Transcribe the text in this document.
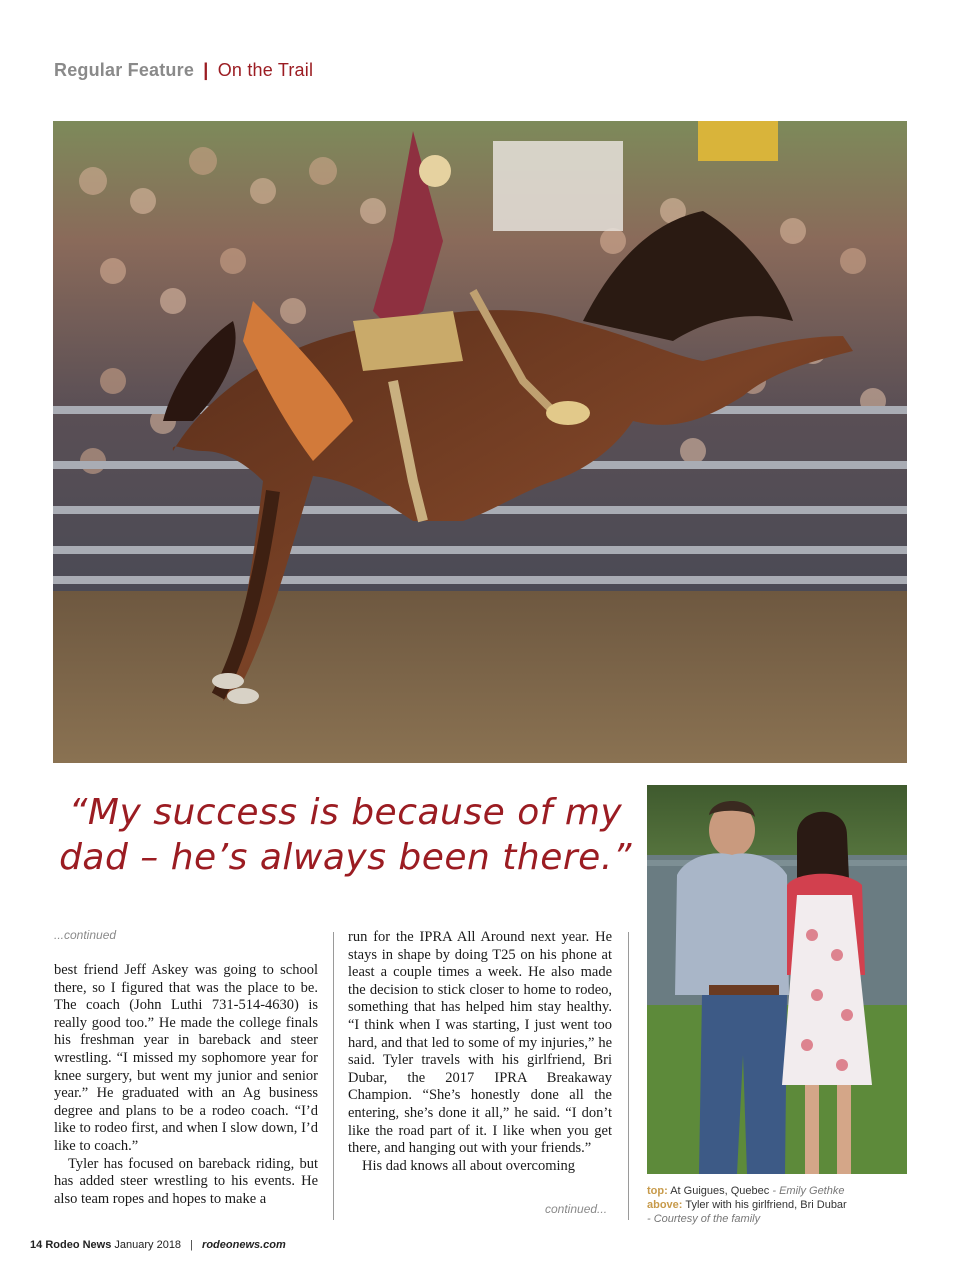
Regular Feature | On the Trail
“My success is because of my
dad – he’s always been there.”
...continued

best friend Jeff Askey was going to school there, so I figured that was the place to be. The coach (John Luthi 731-514-4630) is really good too.” He made the college finals his freshman year in bareback and steer wrestling. “I missed my sophomore year for knee surgery, but went my junior and senior year.” He graduated with an Ag business degree and plans to be a rodeo coach. “I’d like to rodeo first, and when I slow down, I’d like to coach.”

Tyler has focused on bareback riding, but has added steer wrestling to his events. He also team ropes and hopes to make a

run for the IPRA All Around next year. He stays in shape by doing T25 on his phone at least a couple times a week. He also made the decision to stick closer to home to rodeo, something that has helped him stay healthy. “I think when I was starting, I just went too hard, and that led to some of my injuries,” he said. Tyler travels with his girlfriend, Bri Dubar, the 2017 IPRA Breakaway Champion. “She’s honestly done all the entering, she’s done it all,” he said. “I don’t like the road part of it. I like when you get there, and hanging out with your friends.”

His dad knows all about overcoming

continued...
top: At Guigues, Quebec - Emily Gethke
above: Tyler with his girlfriend, Bri Dubar
- Courtesy of the family
14 Rodeo News January 2018 | rodeonews.com
